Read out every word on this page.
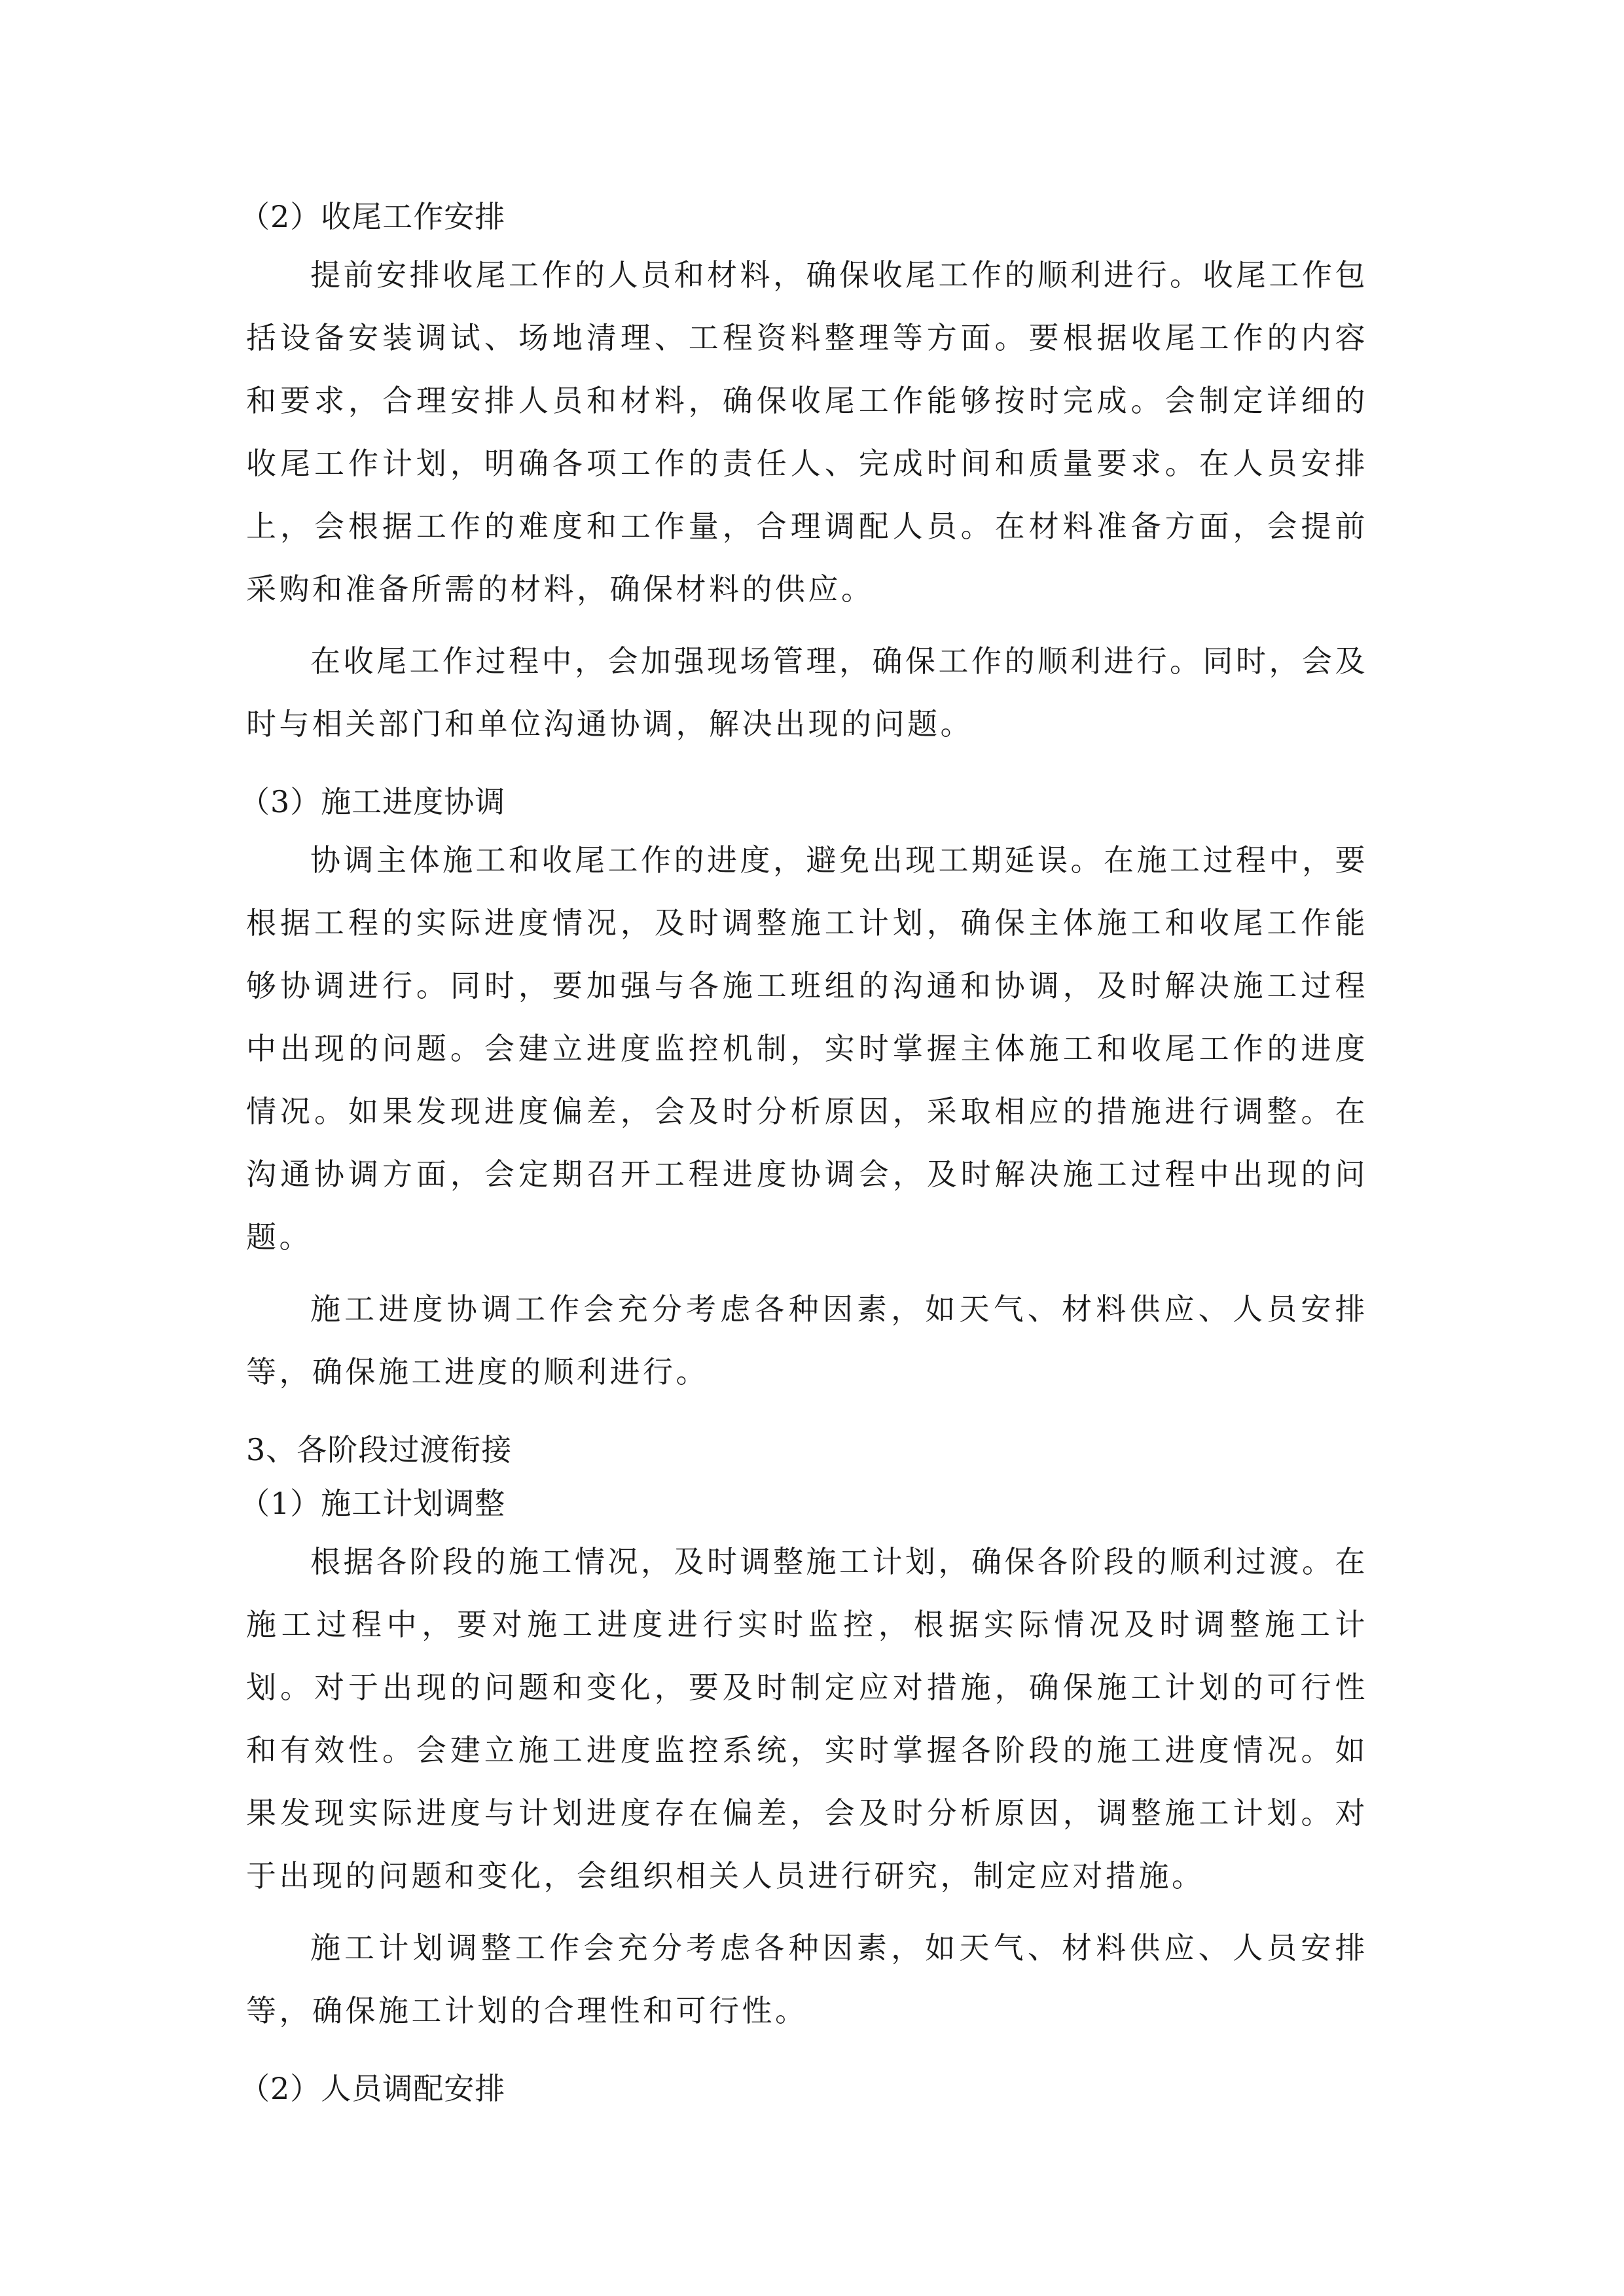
（2）收尾工作安排

提前安排收尾工作的人员和材料，确保收尾工作的顺利进行。收尾工作包括设备安装调试、场地清理、工程资料整理等方面。要根据收尾工作的内容和要求，合理安排人员和材料，确保收尾工作能够按时完成。会制定详细的收尾工作计划，明确各项工作的责任人、完成时间和质量要求。在人员安排上，会根据工作的难度和工作量，合理调配人员。在材料准备方面，会提前采购和准备所需的材料，确保材料的供应。

在收尾工作过程中，会加强现场管理，确保工作的顺利进行。同时，会及时与相关部门和单位沟通协调，解决出现的问题。

（3）施工进度协调

协调主体施工和收尾工作的进度，避免出现工期延误。在施工过程中，要根据工程的实际进度情况，及时调整施工计划，确保主体施工和收尾工作能够协调进行。同时，要加强与各施工班组的沟通和协调，及时解决施工过程中出现的问题。会建立进度监控机制，实时掌握主体施工和收尾工作的进度情况。如果发现进度偏差，会及时分析原因，采取相应的措施进行调整。在沟通协调方面，会定期召开工程进度协调会，及时解决施工过程中出现的问题。

施工进度协调工作会充分考虑各种因素，如天气、材料供应、人员安排等，确保施工进度的顺利进行。

3、各阶段过渡衔接

（1）施工计划调整

根据各阶段的施工情况，及时调整施工计划，确保各阶段的顺利过渡。在施工过程中，要对施工进度进行实时监控，根据实际情况及时调整施工计划。对于出现的问题和变化，要及时制定应对措施，确保施工计划的可行性和有效性。会建立施工进度监控系统，实时掌握各阶段的施工进度情况。如果发现实际进度与计划进度存在偏差，会及时分析原因，调整施工计划。对于出现的问题和变化，会组织相关人员进行研究，制定应对措施。

施工计划调整工作会充分考虑各种因素，如天气、材料供应、人员安排等，确保施工计划的合理性和可行性。

（2）人员调配安排
